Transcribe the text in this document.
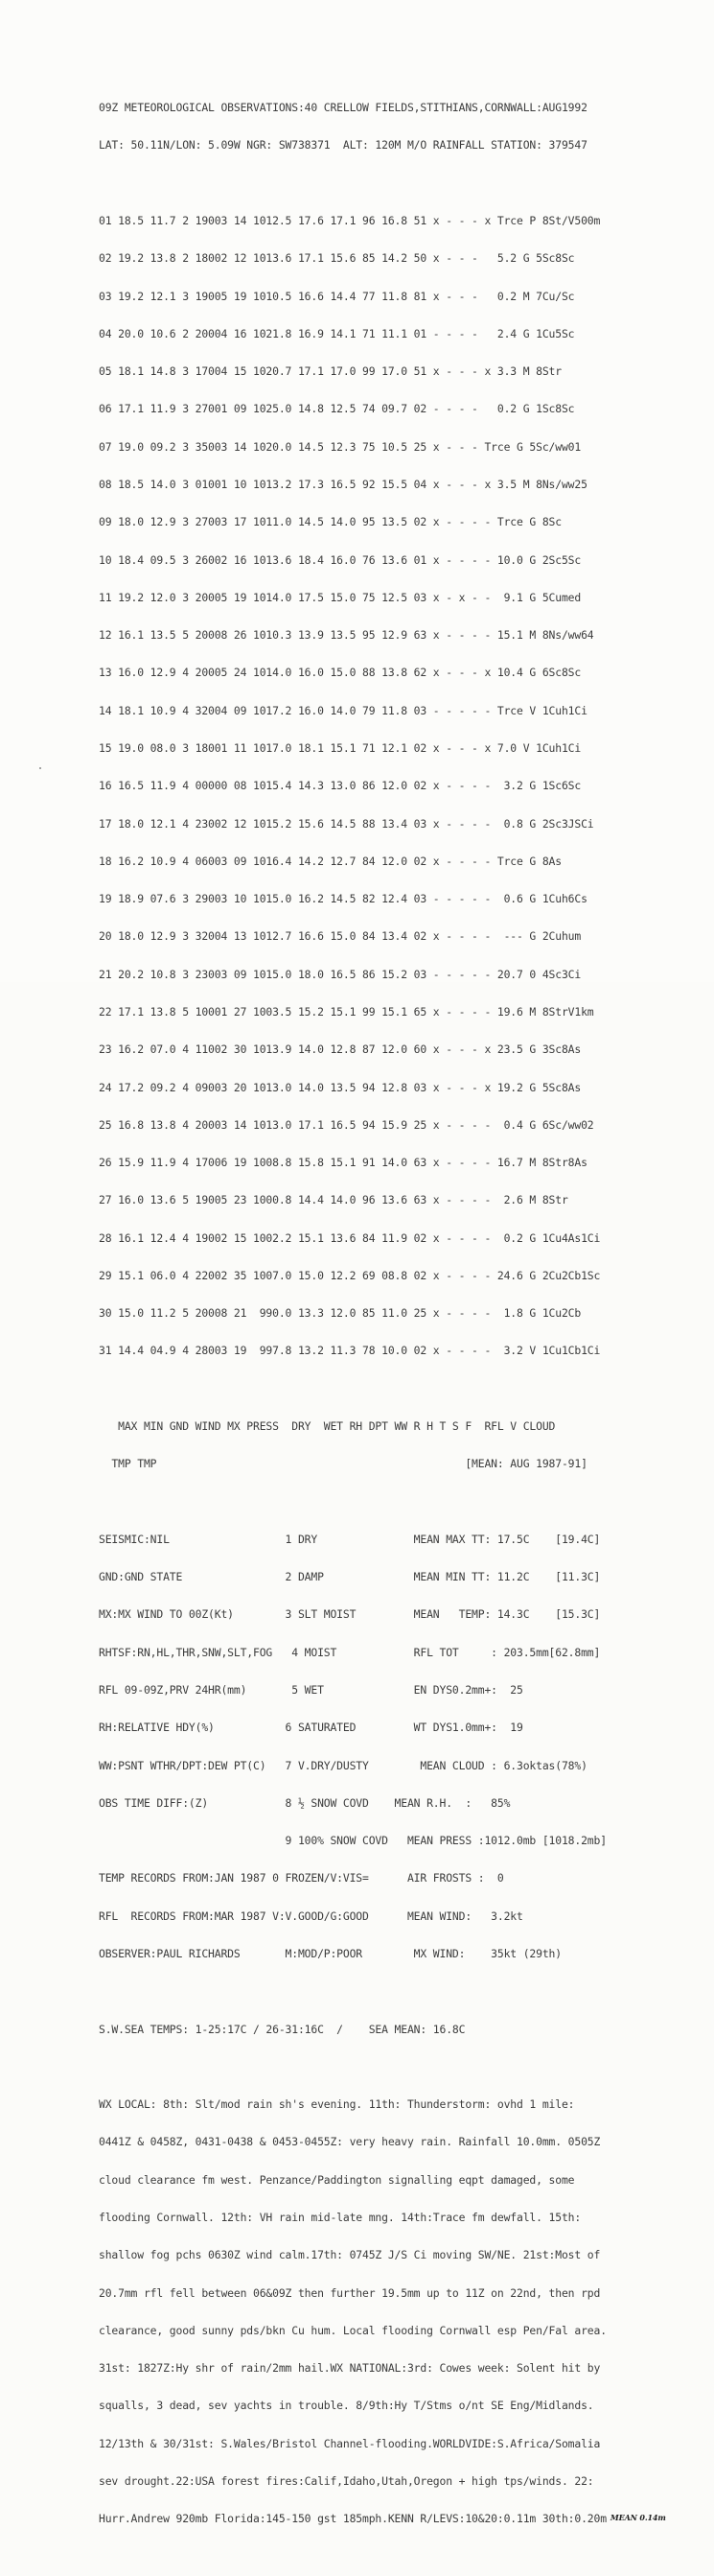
09Z METEOROLOGICAL OBSERVATIONS:40 CRELLOW FIELDS,STITHIANS,CORNWALL:AUG1992

LAT: 50.11N/LON: 5.09W NGR: SW738371  ALT: 120M M/O RAINFALL STATION: 379547

01 18.5 11.7 2 19003 14 1012.5 17.6 17.1 96 16.8 51 x - - - x Trce P 8St/V500m

02 19.2 13.8 2 18002 12 1013.6 17.1 15.6 85 14.2 50 x - - -   5.2 G 5Sc8Sc

03 19.2 12.1 3 19005 19 1010.5 16.6 14.4 77 11.8 81 x - - -   0.2 M 7Cu/Sc

04 20.0 10.6 2 20004 16 1021.8 16.9 14.1 71 11.1 01 - - - -   2.4 G 1Cu5Sc

05 18.1 14.8 3 17004 15 1020.7 17.1 17.0 99 17.0 51 x - - - x 3.3 M 8Str

06 17.1 11.9 3 27001 09 1025.0 14.8 12.5 74 09.7 02 - - - -   0.2 G 1Sc8Sc

07 19.0 09.2 3 35003 14 1020.0 14.5 12.3 75 10.5 25 x - - - Trce G 5Sc/ww01

08 18.5 14.0 3 01001 10 1013.2 17.3 16.5 92 15.5 04 x - - - x 3.5 M 8Ns/ww25

09 18.0 12.9 3 27003 17 1011.0 14.5 14.0 95 13.5 02 x - - - - Trce G 8Sc

10 18.4 09.5 3 26002 16 1013.6 18.4 16.0 76 13.6 01 x - - - - 10.0 G 2Sc5Sc

11 19.2 12.0 3 20005 19 1014.0 17.5 15.0 75 12.5 03 x - x - -  9.1 G 5Cumed

12 16.1 13.5 5 20008 26 1010.3 13.9 13.5 95 12.9 63 x - - - - 15.1 M 8Ns/ww64

13 16.0 12.9 4 20005 24 1014.0 16.0 15.0 88 13.8 62 x - - - x 10.4 G 6Sc8Sc

14 18.1 10.9 4 32004 09 1017.2 16.0 14.0 79 11.8 03 - - - - - Trce V 1Cuh1Ci

15 19.0 08.0 3 18001 11 1017.0 18.1 15.1 71 12.1 02 x - - - x 7.0 V 1Cuh1Ci

16 16.5 11.9 4 00000 08 1015.4 14.3 13.0 86 12.0 02 x - - - -  3.2 G 1Sc6Sc

17 18.0 12.1 4 23002 12 1015.2 15.6 14.5 88 13.4 03 x - - - -  0.8 G 2Sc3JSCi

18 16.2 10.9 4 06003 09 1016.4 14.2 12.7 84 12.0 02 x - - - - Trce G 8As

19 18.9 07.6 3 29003 10 1015.0 16.2 14.5 82 12.4 03 - - - - -  0.6 G 1Cuh6Cs

20 18.0 12.9 3 32004 13 1012.7 16.6 15.0 84 13.4 02 x - - - -  --- G 2Cuhum

21 20.2 10.8 3 23003 09 1015.0 18.0 16.5 86 15.2 03 - - - - - 20.7 0 4Sc3Ci

22 17.1 13.8 5 10001 27 1003.5 15.2 15.1 99 15.1 65 x - - - - 19.6 M 8StrV1km

23 16.2 07.0 4 11002 30 1013.9 14.0 12.8 87 12.0 60 x - - - x 23.5 G 3Sc8As

24 17.2 09.2 4 09003 20 1013.0 14.0 13.5 94 12.8 03 x - - - x 19.2 G 5Sc8As

25 16.8 13.8 4 20003 14 1013.0 17.1 16.5 94 15.9 25 x - - - -  0.4 G 6Sc/ww02

26 15.9 11.9 4 17006 19 1008.8 15.8 15.1 91 14.0 63 x - - - - 16.7 M 8Str8As

27 16.0 13.6 5 19005 23 1000.8 14.4 14.0 96 13.6 63 x - - - -  2.6 M 8Str

28 16.1 12.4 4 19002 15 1002.2 15.1 13.6 84 11.9 02 x - - - -  0.2 G 1Cu4As1Ci

29 15.1 06.0 4 22002 35 1007.0 15.0 12.2 69 08.8 02 x - - - - 24.6 G 2Cu2Cb1Sc

30 15.0 11.2 5 20008 21  990.0 13.3 12.0 85 11.0 25 x - - - -  1.8 G 1Cu2Cb

31 14.4 04.9 4 28003 19  997.8 13.2 11.3 78 10.0 02 x - - - -  3.2 V 1Cu1Cb1Ci

MAX MIN GND WIND MX PRESS  DRY  WET RH DPT WW R H T S F  RFL V CLOUD

TMP TMP                                                [MEAN: AUG 1987-91]

SEISMIC:NIL                  1 DRY               MEAN MAX TT: 17.5C    [19.4C]

GND:GND STATE                2 DAMP              MEAN MIN TT: 11.2C    [11.3C]

MX:MX WIND TO 00Z(Kt)        3 SLT MOIST         MEAN   TEMP: 14.3C    [15.3C]

RHTSF:RN,HL,THR,SNW,SLT,FOG   4 MOIST            RFL TOT     : 203.5mm[62.8mm]

RFL 09-09Z,PRV 24HR(mm)       5 WET              EN DYS0.2mm+:  25

RH:RELATIVE HDY(%)           6 SATURATED         WT DYS1.0mm+:  19

WW:PSNT WTHR/DPT:DEW PT(C)   7 V.DRY/DUSTY        MEAN CLOUD : 6.3oktas(78%)

OBS TIME DIFF:(Z)            8 ½ SNOW COVD    MEAN R.H.  :   85%

9 100% SNOW COVD   MEAN PRESS :1012.0mb [1018.2mb]

TEMP RECORDS FROM:JAN 1987 0 FROZEN/V:VIS=      AIR FROSTS :  0

RFL  RECORDS FROM:MAR 1987 V:V.GOOD/G:GOOD      MEAN WIND:   3.2kt

OBSERVER:PAUL RICHARDS       M:MOD/P:POOR        MX WIND:    35kt (29th)

S.W.SEA TEMPS: 1-25:17C / 26-31:16C  /    SEA MEAN: 16.8C

WX LOCAL: 8th: Slt/mod rain sh's evening. 11th: Thunderstorm: ovhd 1 mile:

0441Z & 0458Z, 0431-0438 & 0453-0455Z: very heavy rain. Rainfall 10.0mm. 0505Z

cloud clearance fm west. Penzance/Paddington signalling eqpt damaged, some

flooding Cornwall. 12th: VH rain mid-late mng. 14th:Trace fm dewfall. 15th:

shallow fog pchs 0630Z wind calm.17th: 0745Z J/S Ci moving SW/NE. 21st:Most of

20.7mm rfl fell between 06&09Z then further 19.5mm up to 11Z on 22nd, then rpd

clearance, good sunny pds/bkn Cu hum. Local flooding Cornwall esp Pen/Fal area.

31st: 1827Z:Hy shr of rain/2mm hail.WX NATIONAL:3rd: Cowes week: Solent hit by

squalls, 3 dead, sev yachts in trouble. 8/9th:Hy T/Stms o/nt SE Eng/Midlands.

12/13th & 30/31st: S.Wales/Bristol Channel-flooding.WORLDVIDE:S.Africa/Somalia

sev drought.22:USA forest fires:Calif,Idaho,Utah,Oregon + high tps/winds. 22:

Hurr.Andrew 920mb Florida:145-150 gst 185mph.KENN R/LEVS:10&20:0.11m 30th:0.20m MEAN 0.14m
